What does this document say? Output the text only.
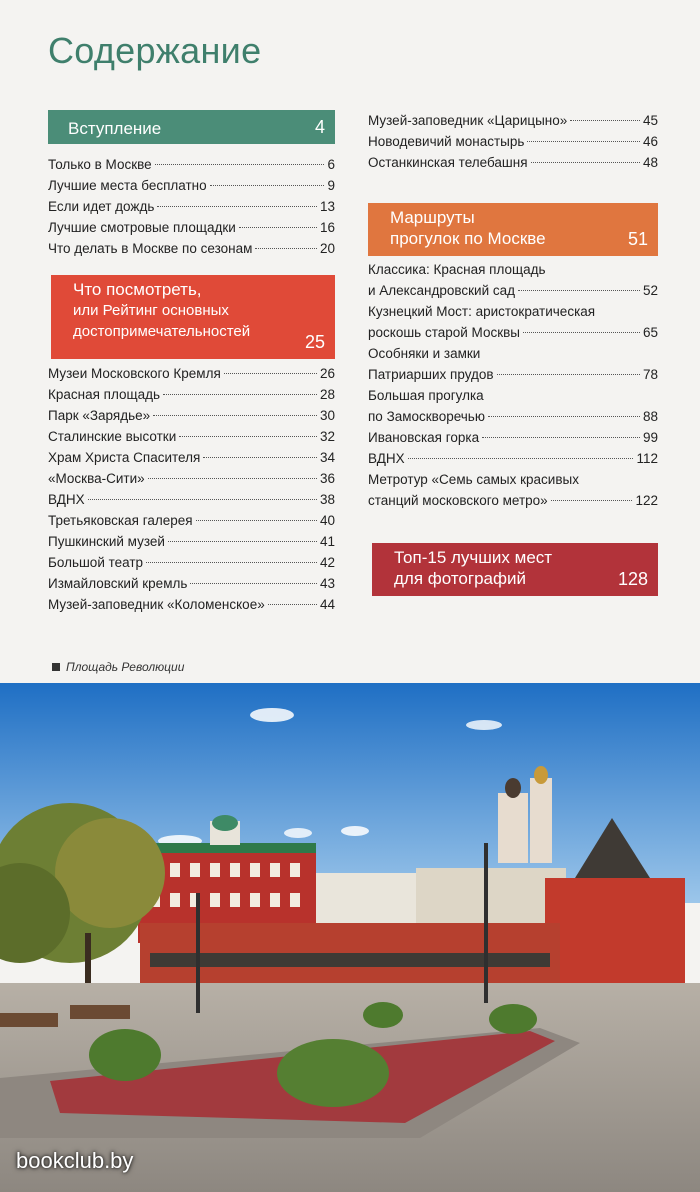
Содержание
Вступление	4
Только в Москве	6
Лучшие места бесплатно	9
Если идет дождь	13
Лучшие смотровые площадки	16
Что делать в Москве по сезонам	20
Что посмотреть,
или Рейтинг основных
достопримечательностей
25
Музеи Московского Кремля	26
Красная площадь	28
Парк «Зарядье»	30
Сталинские высотки	32
Храм Христа Спасителя	34
«Москва-Сити»	36
ВДНХ	38
Третьяковская галерея	40
Пушкинский музей	41
Большой театр	42
Измайловский кремль	43
Музей-заповедник «Коломенское»	44
Музей-заповедник «Царицыно»	45
Новодевичий монастырь	46
Останкинская телебашня	48
Маршруты
прогулок по Москве	51
Классика: Красная площадь
и Александровский сад	52
Кузнецкий Мост: аристократическая
роскошь старой Москвы	65
Особняки и замки
Патриарших прудов	78
Большая прогулка
по Замоскворечью	88
Ивановская горка	99
ВДНХ	112
Метротур «Семь самых красивых
станций московского метро»	122
Топ-15 лучших мест
для фотографий	128
Площадь Революции
bookclub.by
